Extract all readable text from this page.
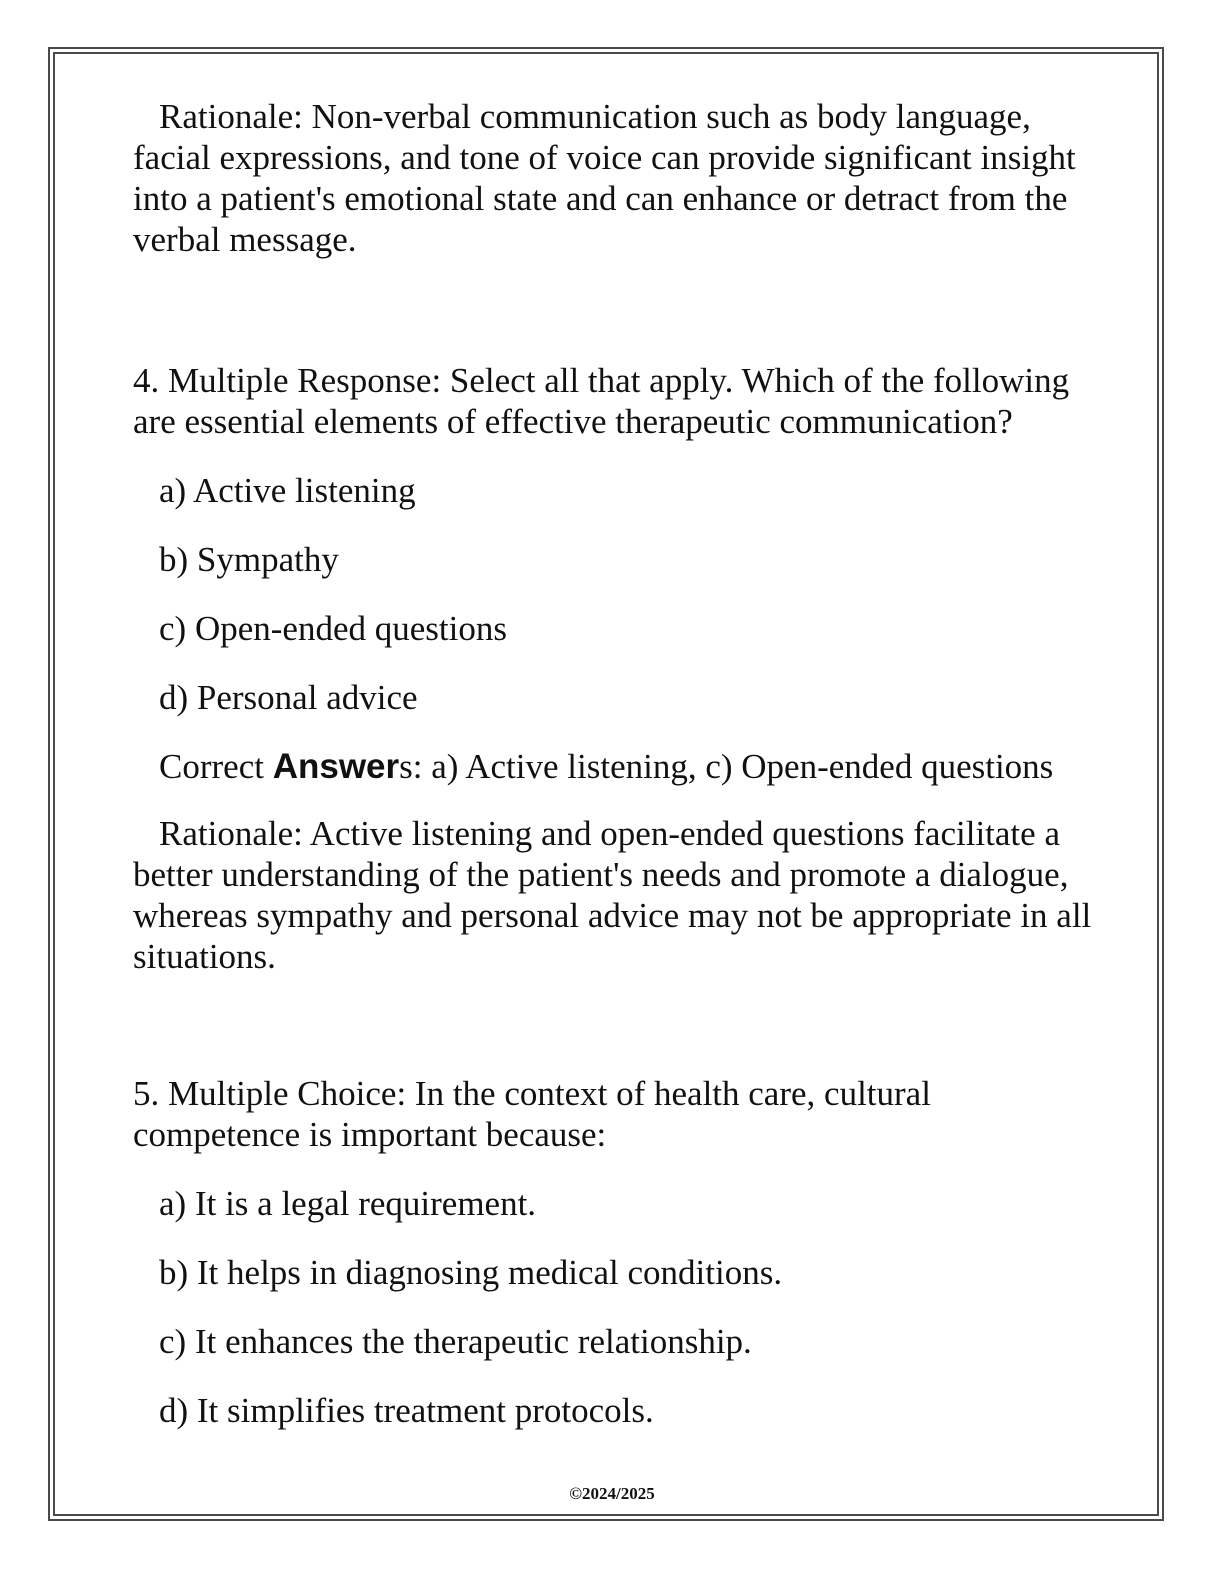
Rationale: Non-verbal communication such as body language, facial expressions, and tone of voice can provide significant insight into a patient's emotional state and can enhance or detract from the verbal message.

4. Multiple Response: Select all that apply. Which of the following are essential elements of effective therapeutic communication?

a) Active listening

b) Sympathy

c) Open-ended questions

d) Personal advice

Correct Answers: a) Active listening, c) Open-ended questions

Rationale: Active listening and open-ended questions facilitate a better understanding of the patient's needs and promote a dialogue, whereas sympathy and personal advice may not be appropriate in all situations.

5. Multiple Choice: In the context of health care, cultural competence is important because:

a) It is a legal requirement.

b) It helps in diagnosing medical conditions.

c) It enhances the therapeutic relationship.

d) It simplifies treatment protocols.

©2024/2025
